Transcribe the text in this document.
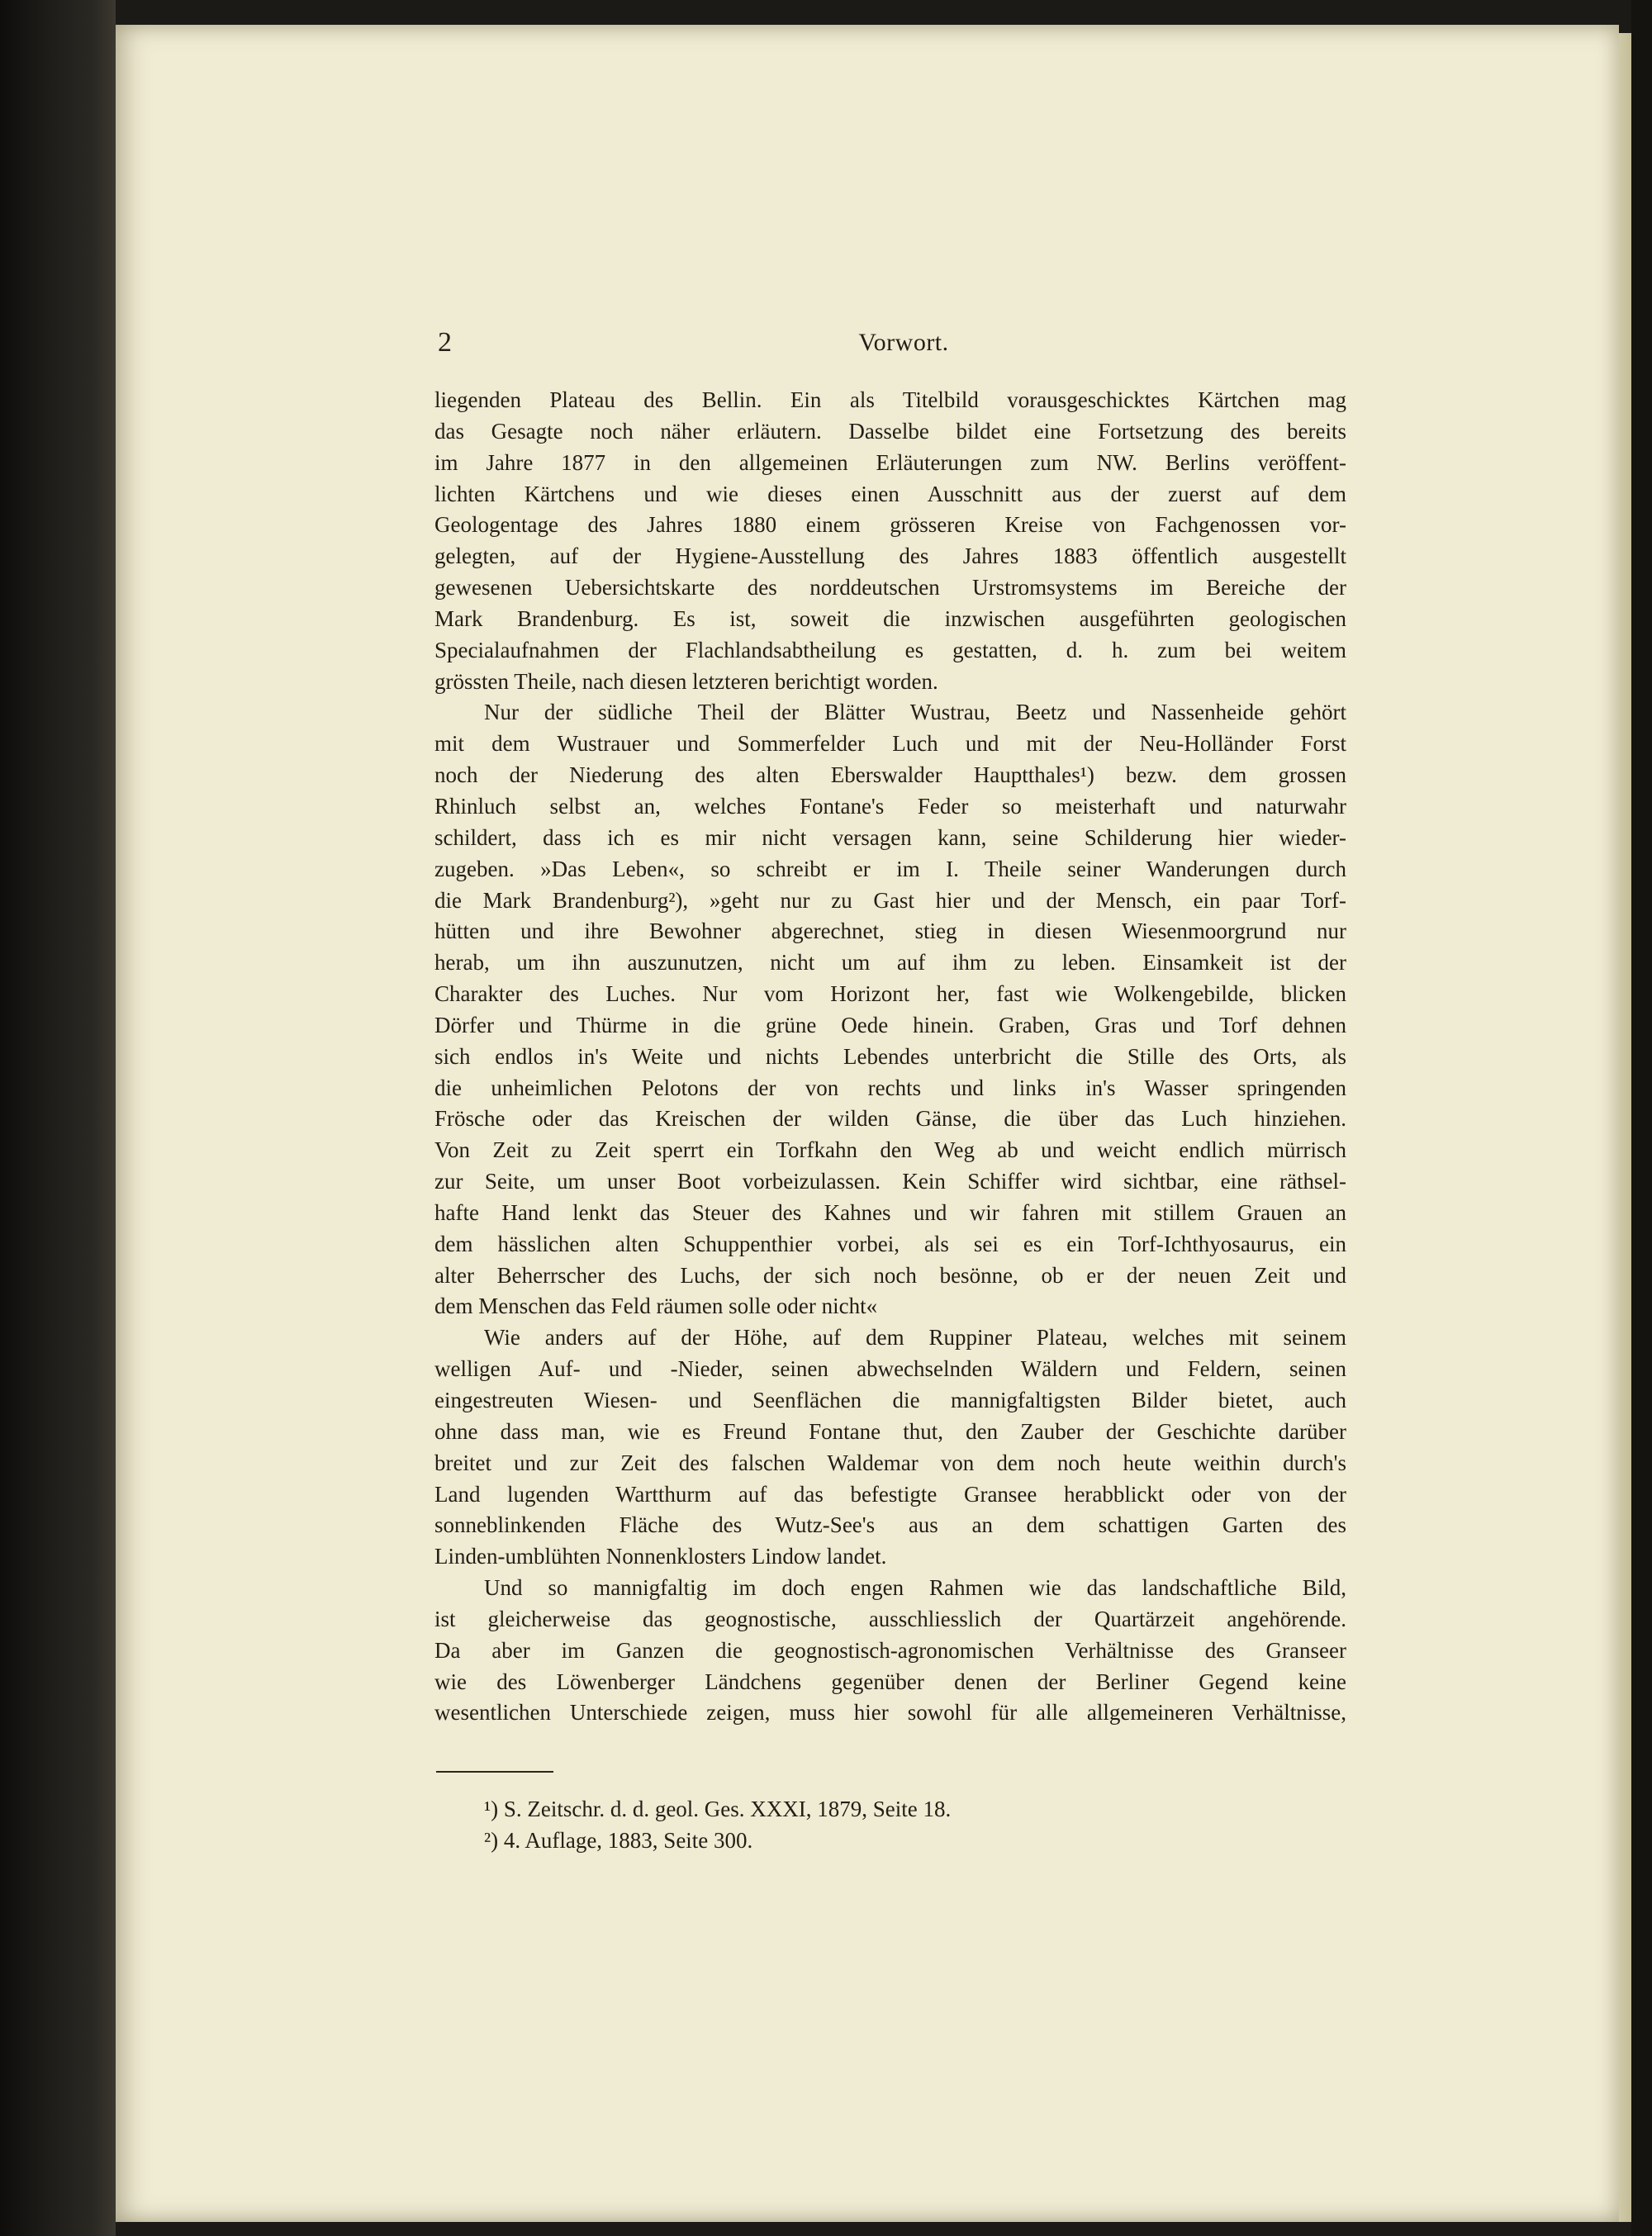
2	Vorwort.
liegenden Plateau des Bellin. Ein als Titelbild vorausgeschicktes Kärtchen mag
das Gesagte noch näher erläutern. Dasselbe bildet eine Fortsetzung des bereits
im Jahre 1877 in den allgemeinen Erläuterungen zum NW. Berlins veröffent-
lichten Kärtchens und wie dieses einen Ausschnitt aus der zuerst auf dem
Geologentage des Jahres 1880 einem grösseren Kreise von Fachgenossen vor-
gelegten, auf der Hygiene-Ausstellung des Jahres 1883 öffentlich ausgestellt
gewesenen Uebersichtskarte des norddeutschen Urstromsystems im Bereiche der
Mark Brandenburg. Es ist, soweit die inzwischen ausgeführten geologischen
Specialaufnahmen der Flachlandsabtheilung es gestatten, d. h. zum bei weitem
grössten Theile, nach diesen letzteren berichtigt worden.
Nur der südliche Theil der Blätter Wustrau, Beetz und Nassenheide gehört
mit dem Wustrauer und Sommerfelder Luch und mit der Neu-Holländer Forst
noch der Niederung des alten Eberswalder Hauptthales¹) bezw. dem grossen
Rhinluch selbst an, welches Fontane's Feder so meisterhaft und naturwahr
schildert, dass ich es mir nicht versagen kann, seine Schilderung hier wieder-
zugeben. »Das Leben«, so schreibt er im I. Theile seiner Wanderungen durch
die Mark Brandenburg²), »geht nur zu Gast hier und der Mensch, ein paar Torf-
hütten und ihre Bewohner abgerechnet, stieg in diesen Wiesenmoorgrund nur
herab, um ihn auszunutzen, nicht um auf ihm zu leben. Einsamkeit ist der
Charakter des Luches. Nur vom Horizont her, fast wie Wolkengebilde, blicken
Dörfer und Thürme in die grüne Oede hinein. Graben, Gras und Torf dehnen
sich endlos in's Weite und nichts Lebendes unterbricht die Stille des Orts, als
die unheimlichen Pelotons der von rechts und links in's Wasser springenden
Frösche oder das Kreischen der wilden Gänse, die über das Luch hinziehen.
Von Zeit zu Zeit sperrt ein Torfkahn den Weg ab und weicht endlich mürrisch
zur Seite, um unser Boot vorbeizulassen. Kein Schiffer wird sichtbar, eine räthsel-
hafte Hand lenkt das Steuer des Kahnes und wir fahren mit stillem Grauen an
dem hässlichen alten Schuppenthier vorbei, als sei es ein Torf-Ichthyosaurus, ein
alter Beherrscher des Luchs, der sich noch besönne, ob er der neuen Zeit und
dem Menschen das Feld räumen solle oder nicht«
Wie anders auf der Höhe, auf dem Ruppiner Plateau, welches mit seinem
welligen Auf- und -Nieder, seinen abwechselnden Wäldern und Feldern, seinen
eingestreuten Wiesen- und Seenflächen die mannigfaltigsten Bilder bietet, auch
ohne dass man, wie es Freund Fontane thut, den Zauber der Geschichte darüber
breitet und zur Zeit des falschen Waldemar von dem noch heute weithin durch's
Land lugenden Wartthurm auf das befestigte Gransee herabblickt oder von der
sonneblinkenden Fläche des Wutz-See's aus an dem schattigen Garten des
Linden-umblühten Nonnenklosters Lindow landet.
Und so mannigfaltig im doch engen Rahmen wie das landschaftliche Bild,
ist gleicherweise das geognostische, ausschliesslich der Quartärzeit angehörende.
Da aber im Ganzen die geognostisch-agronomischen Verhältnisse des Granseer
wie des Löwenberger Ländchens gegenüber denen der Berliner Gegend keine
wesentlichen Unterschiede zeigen, muss hier sowohl für alle allgemeineren Verhältnisse,
¹) S. Zeitschr. d. d. geol. Ges. XXXI, 1879, Seite 18.
²) 4. Auflage, 1883, Seite 300.
